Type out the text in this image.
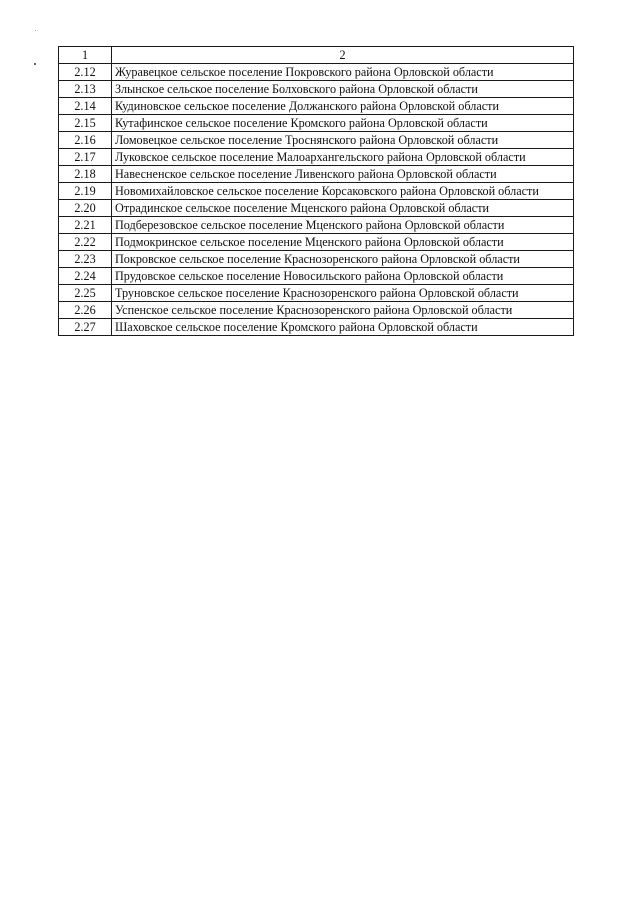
1	2
2.12	Журавецкое сельское поселение Покровского района Орловской области
2.13	Злынское сельское поселение Болховского района Орловской области
2.14	Кудиновское сельское поселение Должанского района Орловской области
2.15	Кутафинское сельское поселение Кромского района Орловской области
2.16	Ломовецкое сельское поселение Троснянского района Орловской области
2.17	Луковское сельское поселение Малоархангельского района Орловской области
2.18	Навесненское сельское поселение Ливенского района Орловской области
2.19	Новомихайловское сельское поселение Корсаковского района Орловской области
2.20	Отрадинское сельское поселение Мценского района Орловской области
2.21	Подберезовское сельское поселение Мценского района Орловской области
2.22	Подмокринское сельское поселение Мценского района Орловской области
2.23	Покровское сельское поселение Краснозоренского района Орловской области
2.24	Прудовское сельское поселение Новосильского района Орловской области
2.25	Труновское сельское поселение Краснозоренского района Орловской области
2.26	Успенское сельское поселение Краснозоренского района Орловской области
2.27	Шаховское сельское поселение Кромского района Орловской области
